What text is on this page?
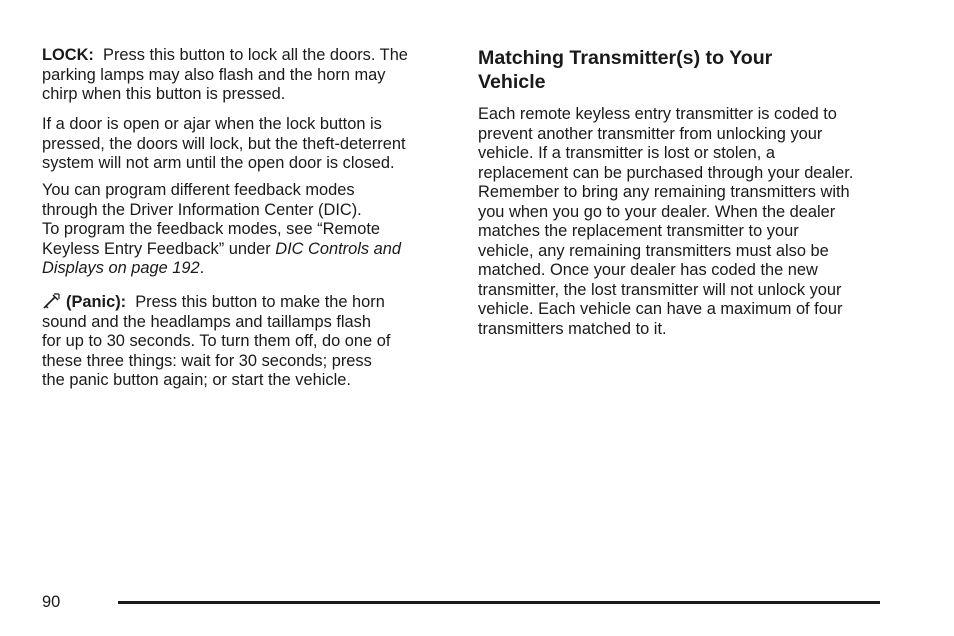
LOCK: Press this button to lock all the doors. The
parking lamps may also flash and the horn may
chirp when this button is pressed.

If a door is open or ajar when the lock button is
pressed, the doors will lock, but the theft-deterrent
system will not arm until the open door is closed.

You can program different feedback modes
through the Driver Information Center (DIC).
To program the feedback modes, see “Remote
Keyless Entry Feedback” under DIC Controls and
Displays on page 192.

(Panic): Press this button to make the horn
sound and the headlamps and taillamps flash
for up to 30 seconds. To turn them off, do one of
these three things: wait for 30 seconds; press
the panic button again; or start the vehicle.

Matching Transmitter(s) to Your
Vehicle

Each remote keyless entry transmitter is coded to
prevent another transmitter from unlocking your
vehicle. If a transmitter is lost or stolen, a
replacement can be purchased through your dealer.
Remember to bring any remaining transmitters with
you when you go to your dealer. When the dealer
matches the replacement transmitter to your
vehicle, any remaining transmitters must also be
matched. Once your dealer has coded the new
transmitter, the lost transmitter will not unlock your
vehicle. Each vehicle can have a maximum of four
transmitters matched to it.

90
